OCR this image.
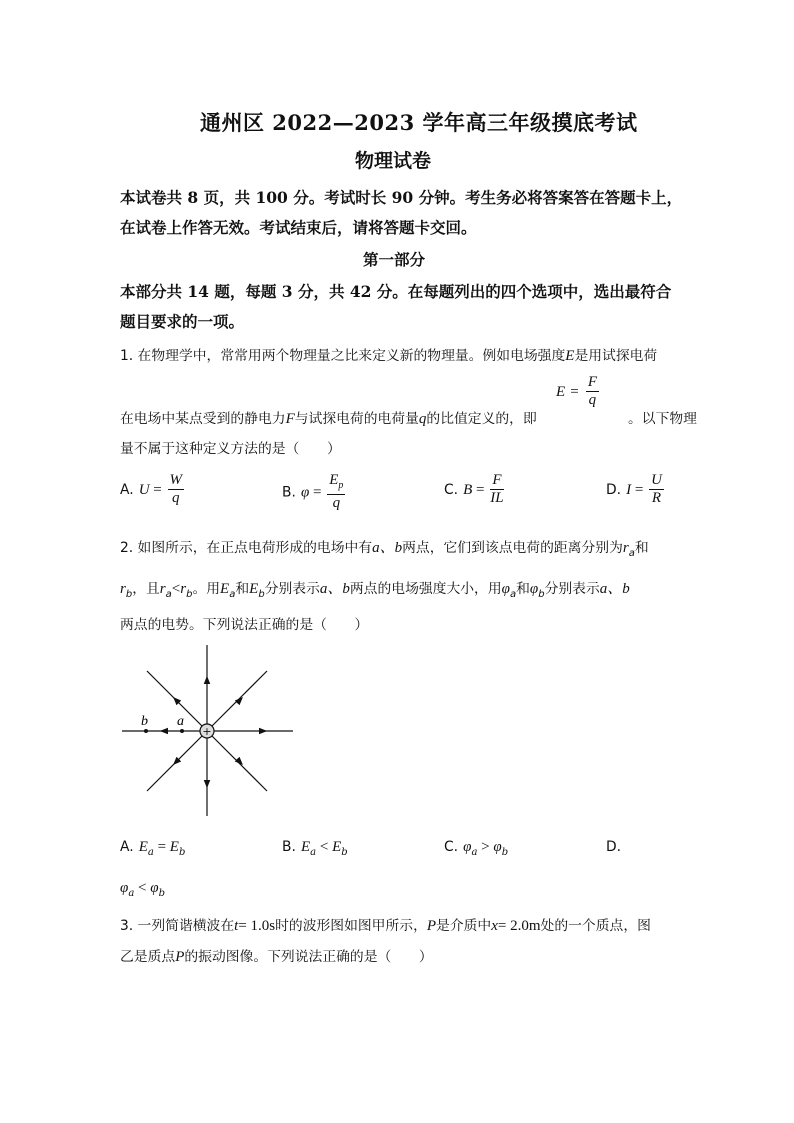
通州区 2022—2023 学年高三年级摸底考试
物理试卷
本试卷共 8 页，共 100 分。考试时长 90 分钟。考生务必将答案答在答题卡上，
在试卷上作答无效。考试结束后，请将答题卡交回。
第一部分
本部分共 14 题，每题 3 分，共 42 分。在每题列出的四个选项中，选出最符合
题目要求的一项。
1. 在物理学中，常常用两个物理量之比来定义新的物理量。例如电场强度E是用试探电荷
$E = \frac{F}{q}$
在电场中某点受到的静电力F与试探电荷的电荷量q的比值定义的，即	。以下物理
量不属于这种定义方法的是（　　）
A. $U = \frac{W}{q}$	B. $\varphi = \frac{E_p}{q}$	C. $B = \frac{F}{IL}$	D. $I = \frac{U}{R}$
2. 如图所示，在正点电荷形成的电场中有a、b两点，它们到该点电荷的距离分别为$r_a$和
$r_b$，且$r_a<r_b$。用$E_a$和$E_b$分别表示a、b两点的电场强度大小，用$\varphi_a$和$\varphi_b$分别表示a、b
两点的电势。下列说法正确的是（　　）
b a
+
A. $E_a = E_b$	B. $E_a < E_b$	C. $\varphi_a > \varphi_b$	D.
$\varphi_a < \varphi_b$
3. 一列简谐横波在t= 1.0s时的波形图如图甲所示，P是介质中x= 2.0m处的一个质点，图
乙是质点P的振动图像。下列说法正确的是（　　）
